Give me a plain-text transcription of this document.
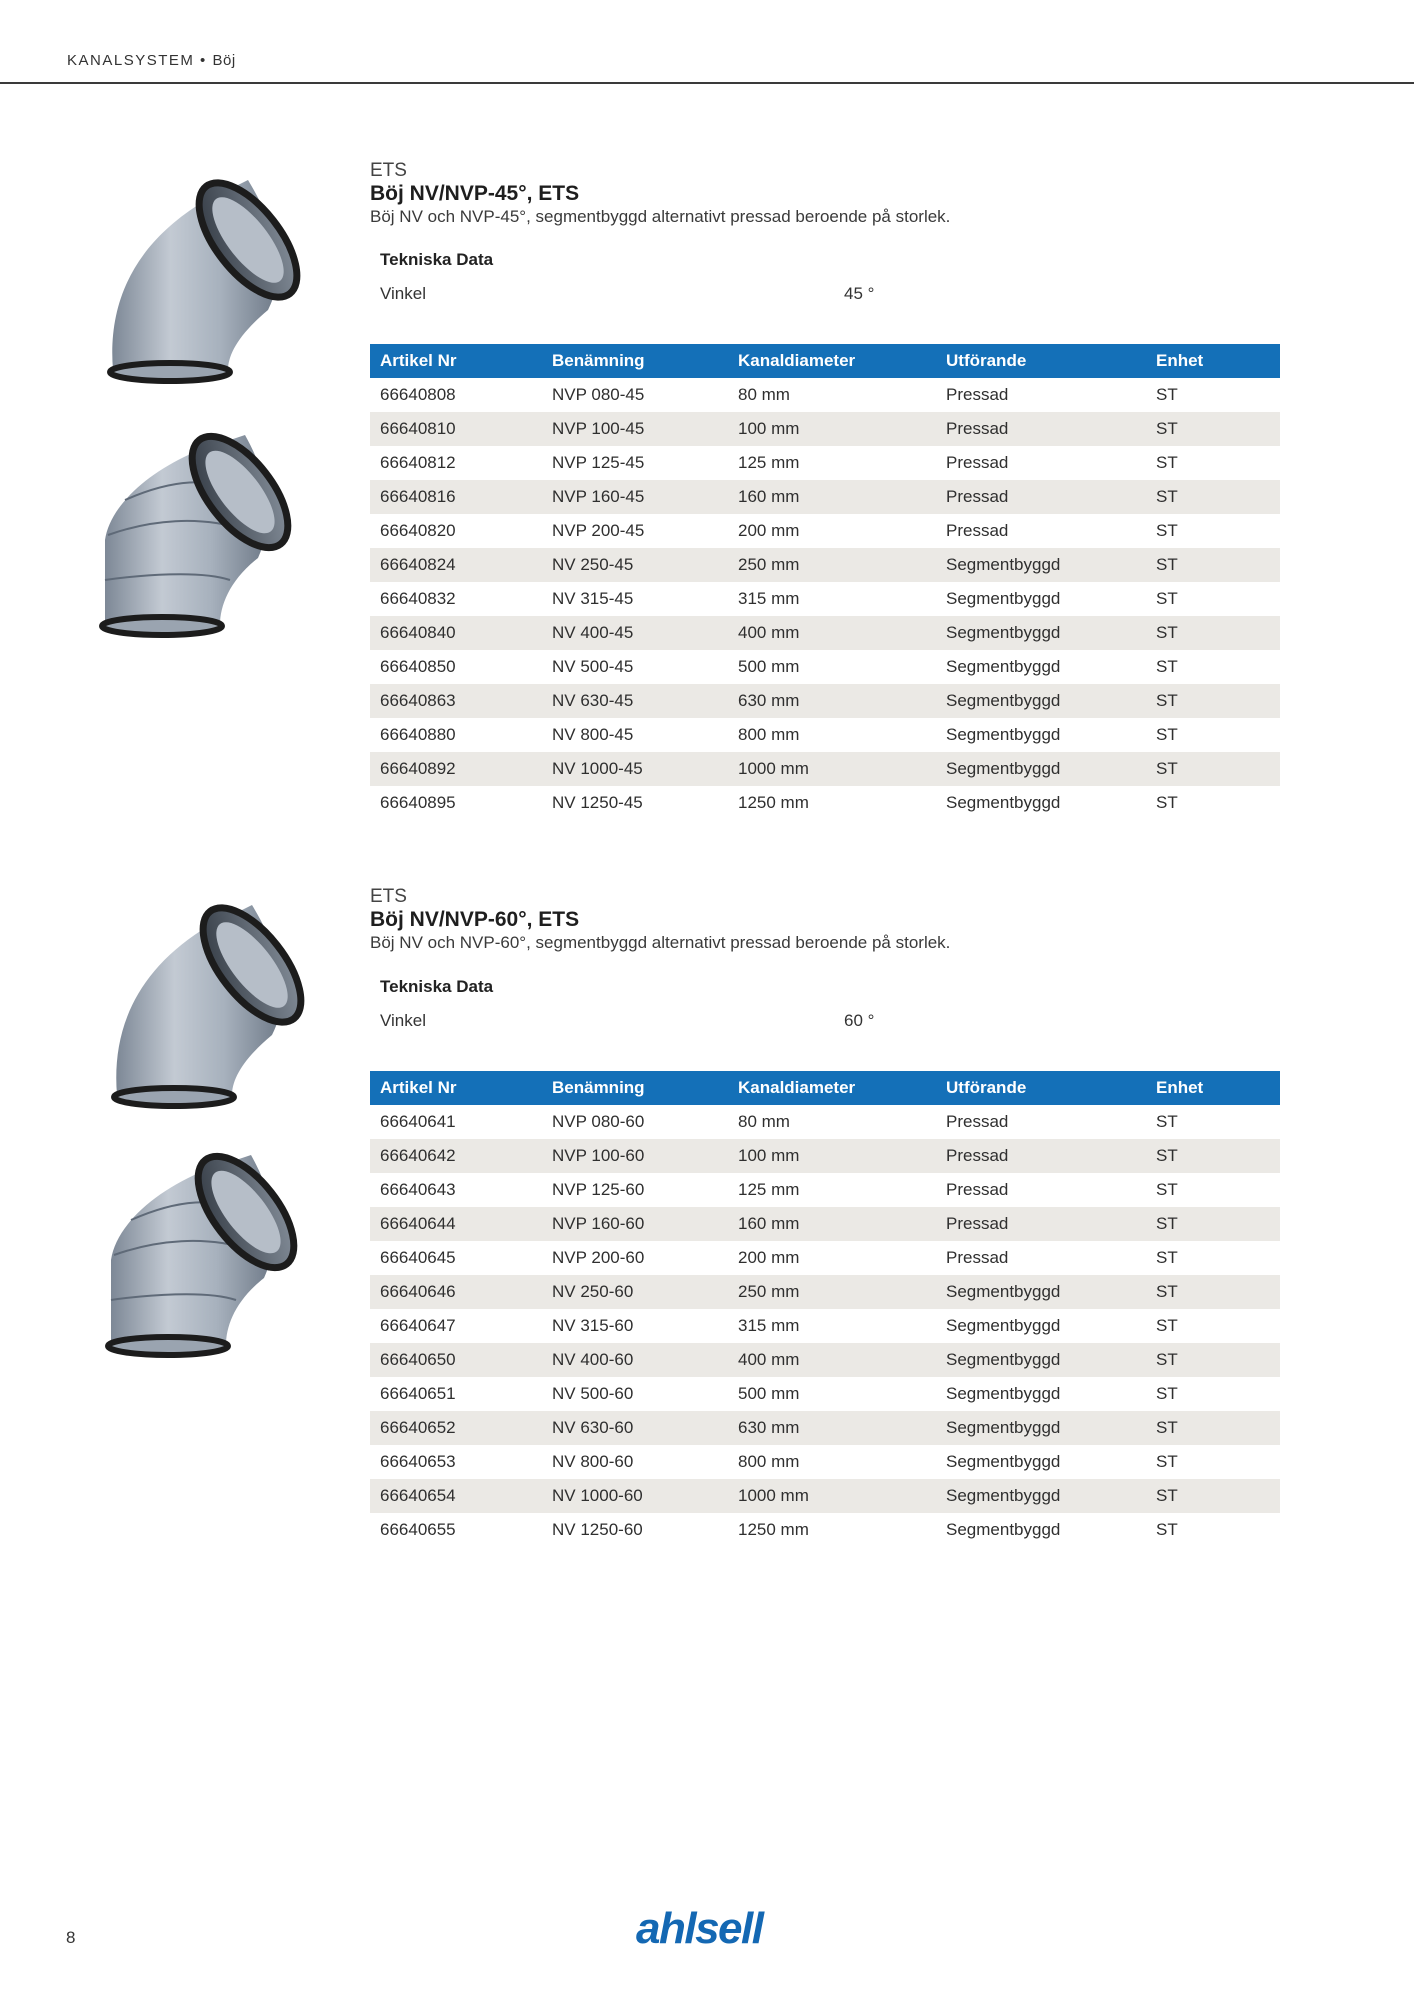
KANALSYSTEM • Böj
ETS
Böj NV/NVP-45°, ETS
Böj NV och NVP-45°, segmentbyggd alternativt pressad beroende på storlek.
Tekniska Data
Vinkel	45 °
Artikel Nr	Benämning	Kanaldiameter	Utförande	Enhet
66640808	NVP 080-45	80 mm	Pressad	ST
66640810	NVP 100-45	100 mm	Pressad	ST
66640812	NVP 125-45	125 mm	Pressad	ST
66640816	NVP 160-45	160 mm	Pressad	ST
66640820	NVP 200-45	200 mm	Pressad	ST
66640824	NV 250-45	250 mm	Segmentbyggd	ST
66640832	NV 315-45	315 mm	Segmentbyggd	ST
66640840	NV 400-45	400 mm	Segmentbyggd	ST
66640850	NV 500-45	500 mm	Segmentbyggd	ST
66640863	NV 630-45	630 mm	Segmentbyggd	ST
66640880	NV 800-45	800 mm	Segmentbyggd	ST
66640892	NV 1000-45	1000 mm	Segmentbyggd	ST
66640895	NV 1250-45	1250 mm	Segmentbyggd	ST
ETS
Böj NV/NVP-60°, ETS
Böj NV och NVP-60°, segmentbyggd alternativt pressad beroende på storlek.
Tekniska Data
Vinkel	60 °
Artikel Nr	Benämning	Kanaldiameter	Utförande	Enhet
66640641	NVP 080-60	80 mm	Pressad	ST
66640642	NVP 100-60	100 mm	Pressad	ST
66640643	NVP 125-60	125 mm	Pressad	ST
66640644	NVP 160-60	160 mm	Pressad	ST
66640645	NVP 200-60	200 mm	Pressad	ST
66640646	NV 250-60	250 mm	Segmentbyggd	ST
66640647	NV 315-60	315 mm	Segmentbyggd	ST
66640650	NV 400-60	400 mm	Segmentbyggd	ST
66640651	NV 500-60	500 mm	Segmentbyggd	ST
66640652	NV 630-60	630 mm	Segmentbyggd	ST
66640653	NV 800-60	800 mm	Segmentbyggd	ST
66640654	NV 1000-60	1000 mm	Segmentbyggd	ST
66640655	NV 1250-60	1250 mm	Segmentbyggd	ST
8	ahlsell
